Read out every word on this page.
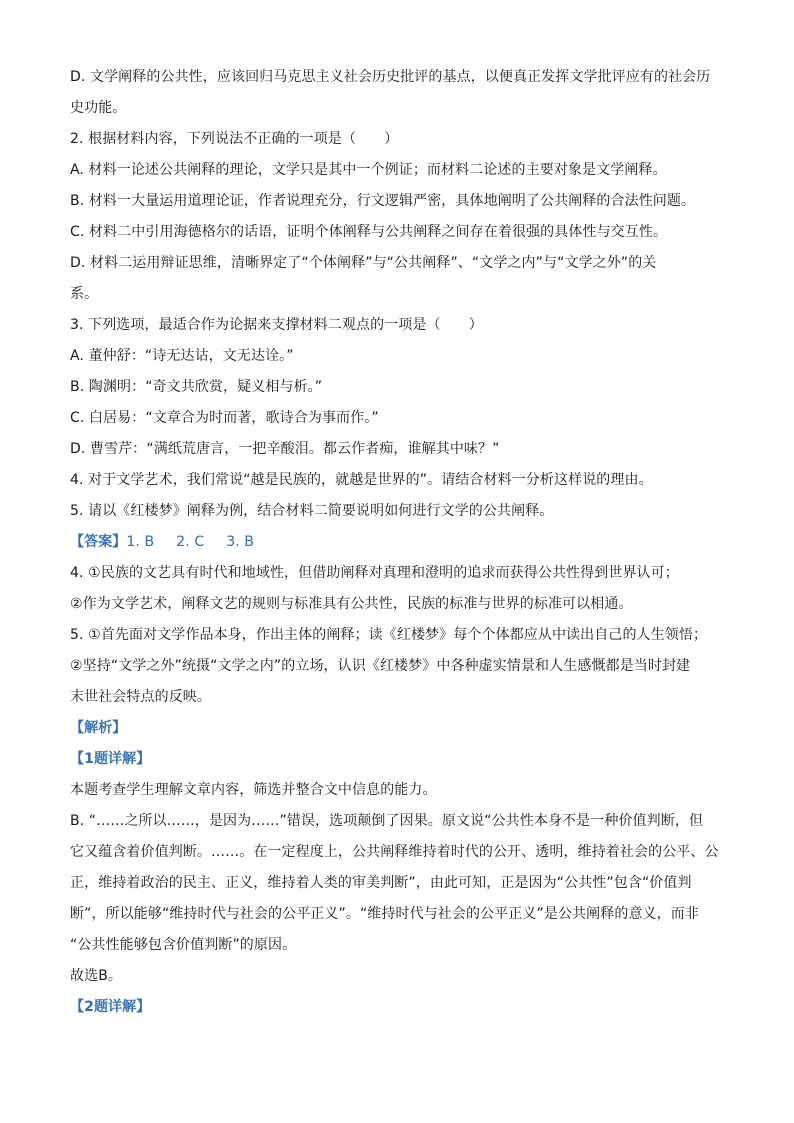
D. 文学阐释的公共性，应该回归马克思主义社会历史批评的基点，以便真正发挥文学批评应有的社会历
史功能。
2. 根据材料内容，下列说法不正确的一项是（　　）
A. 材料一论述公共阐释的理论，文学只是其中一个例证；而材料二论述的主要对象是文学阐释。
B. 材料一大量运用道理论证，作者说理充分，行文逻辑严密，具体地阐明了公共阐释的合法性问题。
C. 材料二中引用海德格尔的话语，证明个体阐释与公共阐释之间存在着很强的具体性与交互性。
D. 材料二运用辩证思维，清晰界定了“个体阐释”与“公共阐释”、“文学之内”与“文学之外”的关
系。
3. 下列选项，最适合作为论据来支撑材料二观点的一项是（　　）
A. 董仲舒：“诗无达诂，文无达诠。”
B. 陶渊明：“奇文共欣赏，疑义相与析。”
C. 白居易：“文章合为时而著，歌诗合为事而作。”
D. 曹雪芹：“满纸荒唐言，一把辛酸泪。都云作者痴，谁解其中味？”
4. 对于文学艺术，我们常说“越是民族的，就越是世界的”。请结合材料一分析这样说的理由。
5. 请以《红楼梦》阐释为例，结合材料二简要说明如何进行文学的公共阐释。
【答案】1. B 2. C 3. B
4. ①民族的文艺具有时代和地域性，但借助阐释对真理和澄明的追求而获得公共性得到世界认可；
②作为文学艺术，阐释文艺的规则与标准具有公共性，民族的标准与世界的标准可以相通。
5. ①首先面对文学作品本身，作出主体的阐释；读《红楼梦》每个个体都应从中读出自己的人生领悟；
②坚持“文学之外”统摄“文学之内”的立场，认识《红楼梦》中各种虚实情景和人生感慨都是当时封建
末世社会特点的反映。
【解析】
【1题详解】
本题考查学生理解文章内容，筛选并整合文中信息的能力。
B. “……之所以……，是因为……”错误，选项颠倒了因果。原文说“公共性本身不是一种价值判断，但
它又蕴含着价值判断。……。在一定程度上，公共阐释维持着时代的公开、透明，维持着社会的公平、公
正，维持着政治的民主、正义，维持着人类的审美判断”，由此可知，正是因为“公共性”包含“价值判
断”，所以能够“维持时代与社会的公平正义”。“维持时代与社会的公平正义”是公共阐释的意义，而非
“公共性能够包含价值判断”的原因。
故选B。
【2题详解】
